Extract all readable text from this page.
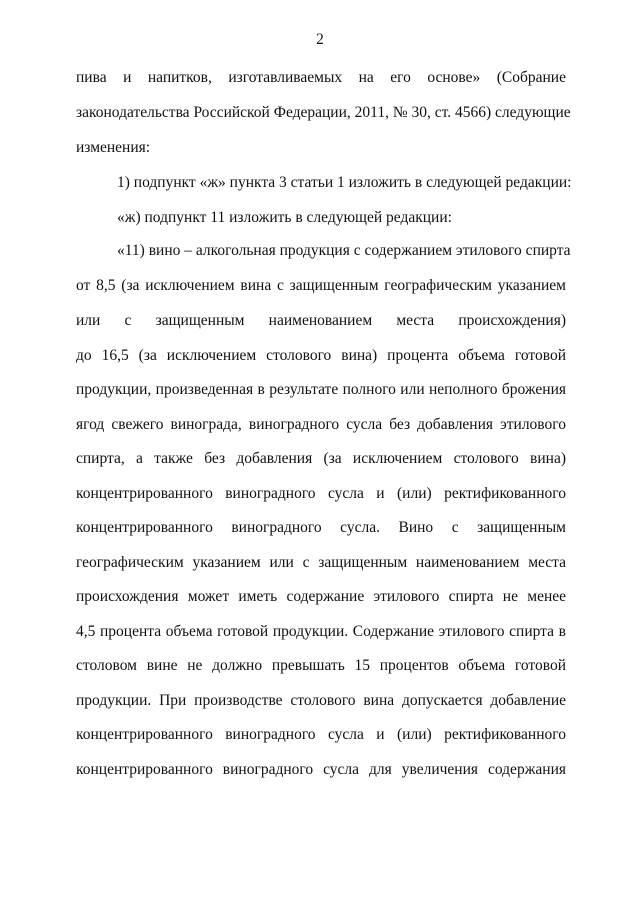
2
пива и напитков, изготавливаемых на его основе» (Собрание
законодательства Российской Федерации, 2011, № 30, ст. 4566) следующие
изменения:
1) подпункт «ж» пункта 3 статьи 1 изложить в следующей редакции:
«ж) подпункт 11 изложить в следующей редакции:
«11) вино – алкогольная продукция с содержанием этилового спирта
от 8,5 (за исключением вина с защищенным географическим указанием
или с защищенным наименованием места происхождения)
до 16,5 (за исключением столового вина) процента объема готовой
продукции, произведенная в результате полного или неполного брожения
ягод свежего винограда, виноградного сусла без добавления этилового
спирта, а также без добавления (за исключением столового вина)
концентрированного виноградного сусла и (или) ректификованного
концентрированного виноградного сусла. Вино с защищенным
географическим указанием или с защищенным наименованием места
происхождения может иметь содержание этилового спирта не менее
4,5 процента объема готовой продукции. Содержание этилового спирта в
столовом вине не должно превышать 15 процентов объема готовой
продукции. При производстве столового вина допускается добавление
концентрированного виноградного сусла и (или) ректификованного
концентрированного виноградного сусла для увеличения содержания
